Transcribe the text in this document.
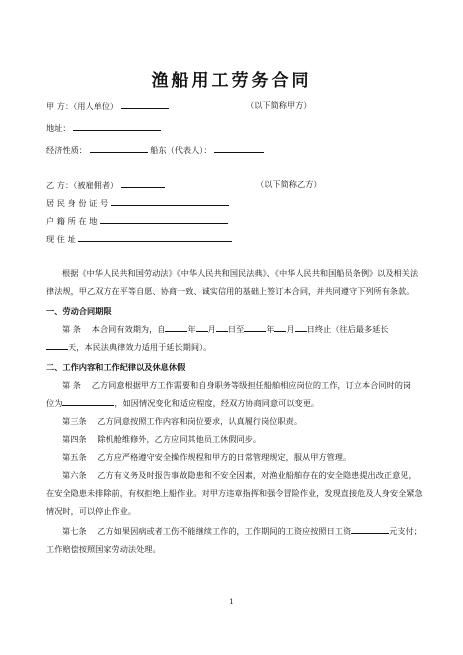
渔船用工劳务合同
甲 方：（用人单位）	（以下简称甲方）
地址：
经济性质：	船东（代表人）：
乙 方：（被雇佣者）	（以下简称乙方）
居 民 身 份 证 号
户 籍 所 在 地
现 住 址
根据《中华人民共和国劳动法》《中华人民共和国民法典》、《中华人民共和国船员条例》以及相关法律法规，甲乙双方在平等自愿、协商一致、诚实信用的基础上签订本合同，并共同遵守下列所有条款。
一、劳动合同期限
第 条　 本合同有效期为，自	年 月 日至	年 月 日终止（往后最多延长
天，本民法典律效力适用于延长期间）。
二、工作内容和工作纪律以及休息休假
第 条　 乙方同意根据甲方工作需要和自身职务等级担任船舶相应岗位的工作，订立本合同时的岗
位为	，如因情况变化和适应程度，经双方协商同意可以变更。
第三条　 乙方同意按照工作内容和岗位要求，认真履行岗位职责。
第四条　 除机舱维修外，乙方应同其他员工休假同步。
第五条　 乙方应严格遵守安全操作规程和甲方的日常管理规定，服从甲方管理。
第六条　 乙方有义务及时报告事故隐患和不安全因素，对渔业船舶存在的安全隐患提出改正意见，在安全隐患未排除前，有权拒绝上船作业。对甲方违章指挥和强令冒险作业，发现直接危及人身安全紧急情况时，可以停止作业。
第七条　 乙方如果因病或者工伤不能继续工作的，工作期间的工资应按照日工资	元支付；
工作赔偿按照国家劳动法处理。
1
